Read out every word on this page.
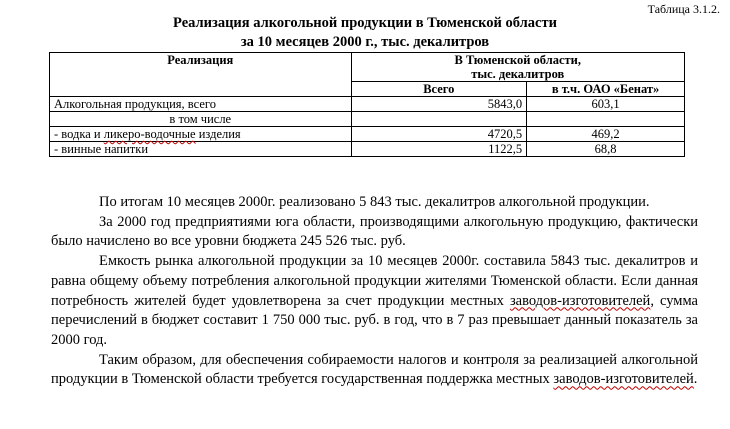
Таблица 3.1.2.
Реализация алкогольной продукции в Тюменской области
за 10 месяцев 2000 г., тыс. декалитров
Реализация	В Тюменской области,
тыс. декалитров	
	Всего	в т.ч. ОАО «Бенат»
Алкогольная продукция, всего	5843,0	603,1
в том числе		
- водка и ликеро-водочные изделия	4720,5	469,2
- винные напитки	1122,5	68,8

По итогам 10 месяцев 2000г. реализовано 5 843 тыс. декалитров алкогольной продукции.

За 2000 год предприятиями юга области, производящими алкогольную продукцию, фактически было начислено во все уровни бюджета 245 526 тыс. руб.

Емкость рынка алкогольной продукции за 10 месяцев 2000г. составила 5843 тыс. декалитров и равна общему объему потребления алкогольной продукции жителями Тюменской области. Если данная потребность жителей будет удовлетворена за счет продукции местных заводов-изготовителей, сумма перечислений в бюджет составит 1 750 000 тыс. руб. в год, что в 7 раз превышает данный показатель за 2000 год.

Таким образом, для обеспечения собираемости налогов и контроля за реализацией алкогольной продукции в Тюменской области требуется государственная поддержка местных заводов-изготовителей.
